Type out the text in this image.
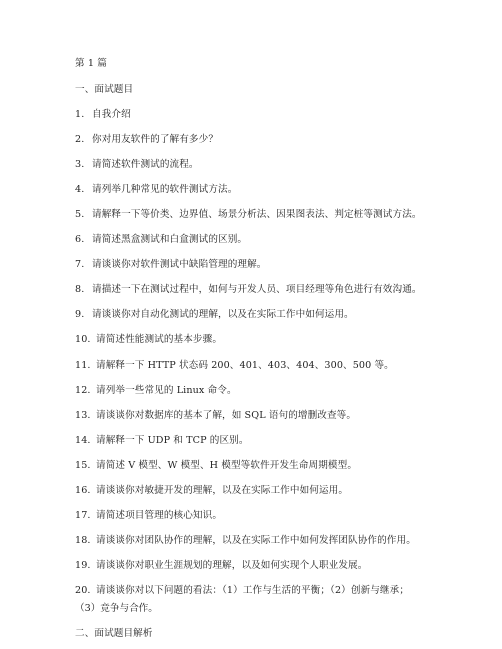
第 1 篇
一、面试题目
1. 自我介绍
2. 你对用友软件的了解有多少？
3. 请简述软件测试的流程。
4. 请列举几种常见的软件测试方法。
5. 请解释一下等价类、边界值、场景分析法、因果图表法、判定桩等测试方法。
6. 请简述黑盒测试和白盒测试的区别。
7. 请谈谈你对软件测试中缺陷管理的理解。
8. 请描述一下在测试过程中，如何与开发人员、项目经理等角色进行有效沟通。
9. 请谈谈你对自动化测试的理解，以及在实际工作中如何运用。
10. 请简述性能测试的基本步骤。
11. 请解释一下 HTTP 状态码 200、401、403、404、300、500 等。
12. 请列举一些常见的 Linux 命令。
13. 请谈谈你对数据库的基本了解，如 SQL 语句的增删改查等。
14. 请解释一下 UDP 和 TCP 的区别。
15. 请简述 V 模型、W 模型、H 模型等软件开发生命周期模型。
16. 请谈谈你对敏捷开发的理解，以及在实际工作中如何运用。
17. 请简述项目管理的核心知识。
18. 请谈谈你对团队协作的理解，以及在实际工作中如何发挥团队协作的作用。
19. 请谈谈你对职业生涯规划的理解，以及如何实现个人职业发展。
20. 请谈谈你对以下问题的看法：（1）工作与生活的平衡；（2）创新与继承；
（3）竞争与合作。
二、面试题目解析
